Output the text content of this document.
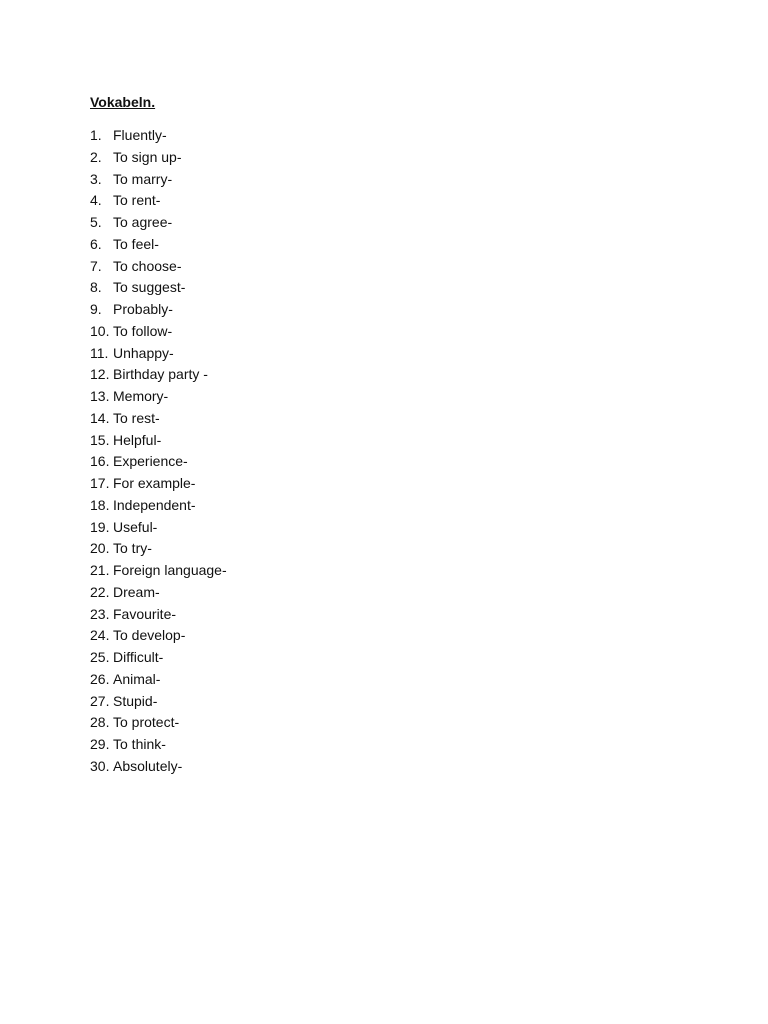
Vokabeln.
1. Fluently-
2. To sign up-
3. To marry-
4. To rent-
5. To agree-
6. To feel-
7. To choose-
8. To suggest-
9. Probably-
10. To follow-
11. Unhappy-
12. Birthday party -
13. Memory-
14. To rest-
15. Helpful-
16. Experience-
17. For example-
18. Independent-
19. Useful-
20. To try-
21. Foreign language-
22. Dream-
23. Favourite-
24. To develop-
25. Difficult-
26. Animal-
27. Stupid-
28. To protect-
29. To think-
30. Absolutely-
